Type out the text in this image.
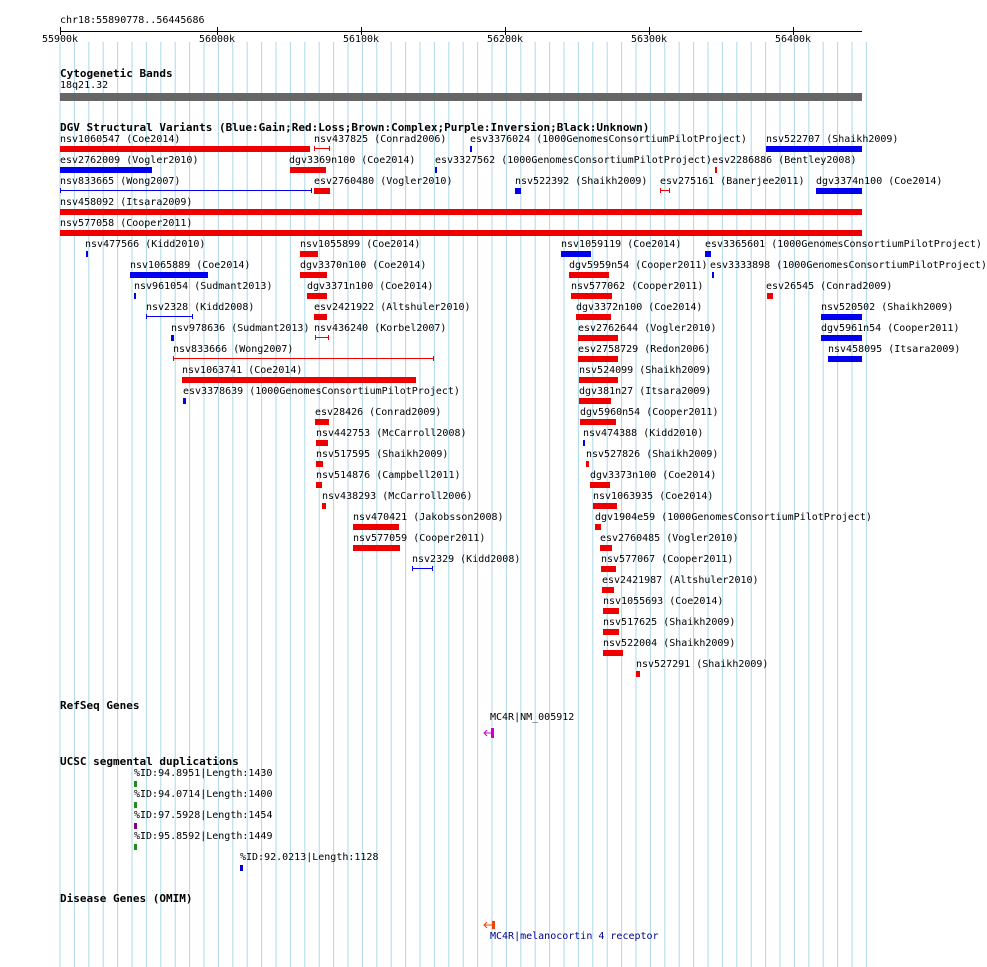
chr18:55890778..56445686
55900k	56000k	56100k	56200k	56300k	56400k
Cytogenetic Bands
18q21.32
DGV Structural Variants (Blue:Gain;Red:Loss;Brown:Complex;Purple:Inversion;Black:Unknown)
nsv1060547 (Coe2014)	nsv437825 (Conrad2006) esv3376024 (1000GenomesConsortiumPilotProject) nsv522707 (Shaikh2009)
esv2762009 (Vogler2010)	dgv3369n100 (Coe2014) esv3327562 (1000GenomesConsortiumPilotProject) esv2286886 (Bentley2008)
nsv833665 (Wong2007)	esv2760480 (Vogler2010)	nsv522392 (Shaikh2009) esv275161 (Banerjee2011) dgv3374n100 (Coe2014)
nsv458092 (Itsara2009)
nsv577058 (Cooper2011)
nsv477566 (Kidd2010)	nsv1055899 (Coe2014)	nsv1059119 (Coe2014) esv3365601 (1000GenomesConsortiumPilotProject)
nsv1065889 (Coe2014)	dgv3370n100 (Coe2014)	dgv5959n54 (Cooper2011) esv3333898 (1000GenomesConsortiumPilotProject)
nsv961054 (Sudmant2013)	dgv3371n100 (Coe2014)	nsv577062 (Cooper2011)	esv26545 (Conrad2009)
nsv2328 (Kidd2008)	esv2421922 (Altshuler2010)	dgv3372n100 (Coe2014)	nsv520502 (Shaikh2009)
nsv978636 (Sudmant2013) nsv436240 (Korbel2007)	esv2762644 (Vogler2010)	dgv5961n54 (Cooper2011)
nsv833666 (Wong2007)	esv2758729 (Redon2006)	nsv458095 (Itsara2009)
nsv1063741 (Coe2014)	nsv524099 (Shaikh2009)
esv3378639 (1000GenomesConsortiumPilotProject)	dgv381n27 (Itsara2009)
esv28426 (Conrad2009)	dgv5960n54 (Cooper2011)
nsv442753 (McCarroll2008)	nsv474388 (Kidd2010)
nsv517595 (Shaikh2009)	nsv527826 (Shaikh2009)
nsv514876 (Campbell2011)	dgv3373n100 (Coe2014)
nsv438293 (McCarroll2006)	nsv1063935 (Coe2014)
nsv470421 (Jakobsson2008)	dgv1904e59 (1000GenomesConsortiumPilotProject)
nsv577059 (Cooper2011)	esv2760485 (Vogler2010)
nsv2329 (Kidd2008)	nsv577067 (Cooper2011)
esv2421987 (Altshuler2010)
nsv1055693 (Coe2014)
nsv517625 (Shaikh2009)
nsv522004 (Shaikh2009)
nsv527291 (Shaikh2009)
RefSeq Genes
MC4R|NM_005912
UCSC segmental duplications
%ID:94.8951|Length:1430
%ID:94.0714|Length:1400
%ID:97.5928|Length:1454
%ID:95.8592|Length:1449
%ID:92.0213|Length:1128
Disease Genes (OMIM)
MC4R|melanocortin 4 receptor
